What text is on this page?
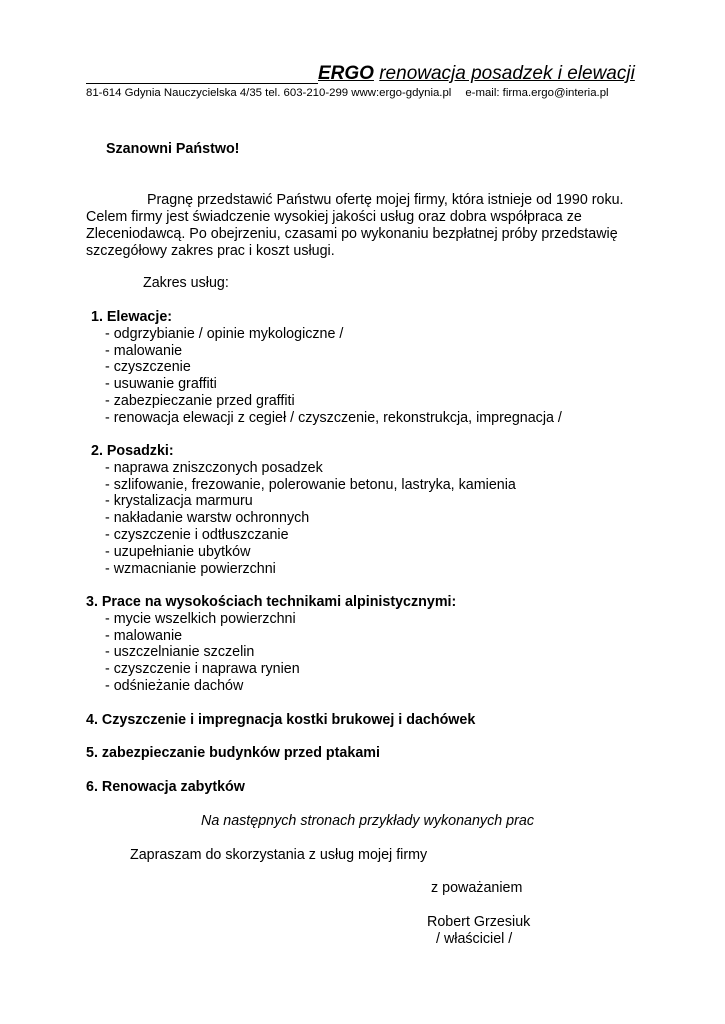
ERGO renowacja posadzek i elewacji
81-614 Gdynia Nauczycielska 4/35 tel. 603-210-299 www:ergo-gdynia.pl e-mail: firma.ergo@interia.pl
Szanowni Państwo!

Pragnę przedstawić Państwu ofertę mojej firmy, która istnieje od 1990 roku.

Celem firmy jest świadczenie wysokiej jakości usług oraz dobra współpraca ze

Zleceniodawcą. Po obejrzeniu, czasami po wykonaniu bezpłatnej próby przedstawię

szczegółowy zakres prac i koszt usługi.

Zakres usług:
1. Elewacje:
- odgrzybianie / opinie mykologiczne /
- malowanie
- czyszczenie
- usuwanie graffiti
- zabezpieczanie przed graffiti
- renowacja elewacji z cegieł / czyszczenie, rekonstrukcja, impregnacja /
2. Posadzki:
- naprawa zniszczonych posadzek
- szlifowanie, frezowanie, polerowanie betonu, lastryka, kamienia
- krystalizacja marmuru
- nakładanie warstw ochronnych
- czyszczenie i odtłuszczanie
- uzupełnianie ubytków
- wzmacnianie powierzchni
3. Prace na wysokościach technikami alpinistycznymi:
- mycie wszelkich powierzchni
- malowanie
- uszczelnianie szczelin
- czyszczenie i naprawa rynien
- odśnieżanie dachów
4. Czyszczenie i impregnacja kostki brukowej i dachówek
5. zabezpieczanie budynków przed ptakami
6. Renowacja zabytków
Na następnych stronach przykłady wykonanych prac
Zapraszam do skorzystania z usług mojej firmy
z poważaniem
Robert Grzesiuk
/ właściciel /
